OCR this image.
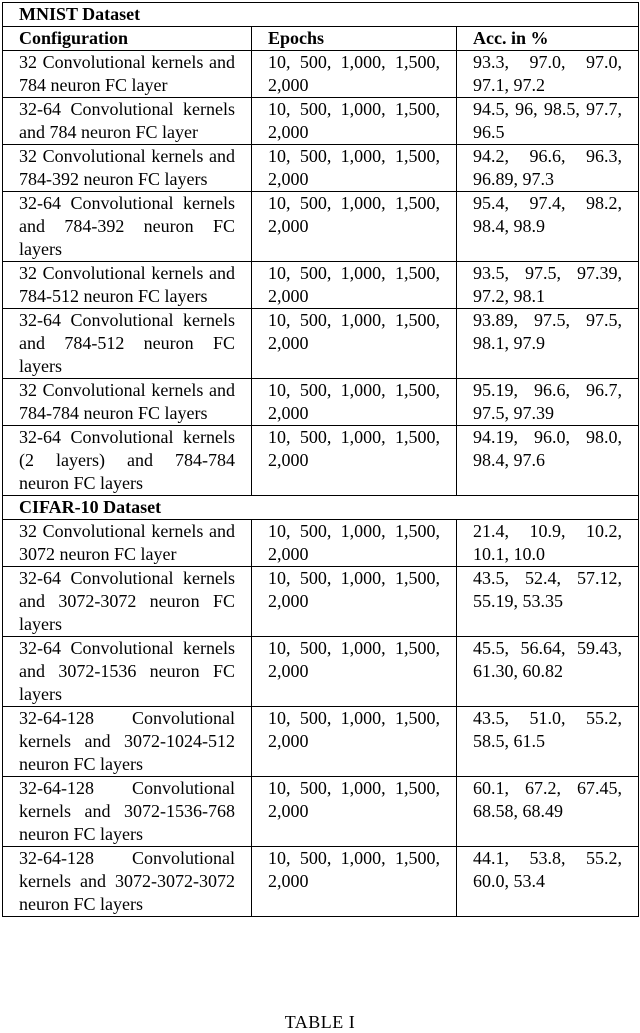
MNIST Dataset		
Configuration	Epochs	Acc. in %
32 Convolutional kernels and 784 neuron FC layer	10, 500, 1,000, 1,500, 2,000	93.3, 97.0, 97.0, 97.1, 97.2
32-64 Convolutional kernels and 784 neuron FC layer	10, 500, 1,000, 1,500, 2,000	94.5, 96, 98.5, 97.7, 96.5
32 Convolutional kernels and 784-392 neuron FC layers	10, 500, 1,000, 1,500, 2,000	94.2, 96.6, 96.3, 96.89, 97.3
32-64 Convolutional kernels and 784-392 neuron FC layers	10, 500, 1,000, 1,500, 2,000	95.4, 97.4, 98.2, 98.4, 98.9
32 Convolutional kernels and 784-512 neuron FC layers	10, 500, 1,000, 1,500, 2,000	93.5, 97.5, 97.39, 97.2, 98.1
32-64 Convolutional kernels and 784-512 neuron FC layers	10, 500, 1,000, 1,500, 2,000	93.89, 97.5, 97.5, 98.1, 97.9
32 Convolutional kernels and 784-784 neuron FC layers	10, 500, 1,000, 1,500, 2,000	95.19, 96.6, 96.7, 97.5, 97.39
32-64 Convolutional kernels (2 layers) and 784-784 neuron FC layers	10, 500, 1,000, 1,500, 2,000	94.19, 96.0, 98.0, 98.4, 97.6
CIFAR-10 Dataset		
32 Convolutional kernels and 3072 neuron FC layer	10, 500, 1,000, 1,500, 2,000	21.4, 10.9, 10.2, 10.1, 10.0
32-64 Convolutional kernels and 3072-3072 neuron FC layers	10, 500, 1,000, 1,500, 2,000	43.5, 52.4, 57.12, 55.19, 53.35
32-64 Convolutional kernels and 3072-1536 neuron FC layers	10, 500, 1,000, 1,500, 2,000	45.5, 56.64, 59.43, 61.30, 60.82
32-64-128 Convolutional kernels and 3072-1024-512 neuron FC layers	10, 500, 1,000, 1,500, 2,000	43.5, 51.0, 55.2, 58.5, 61.5
32-64-128 Convolutional kernels and 3072-1536-768 neuron FC layers	10, 500, 1,000, 1,500, 2,000	60.1, 67.2, 67.45, 68.58, 68.49
32-64-128 Convolutional kernels and 3072-3072-3072 neuron FC layers	10, 500, 1,000, 1,500, 2,000	44.1, 53.8, 55.2, 60.0, 53.4
TABLE I
